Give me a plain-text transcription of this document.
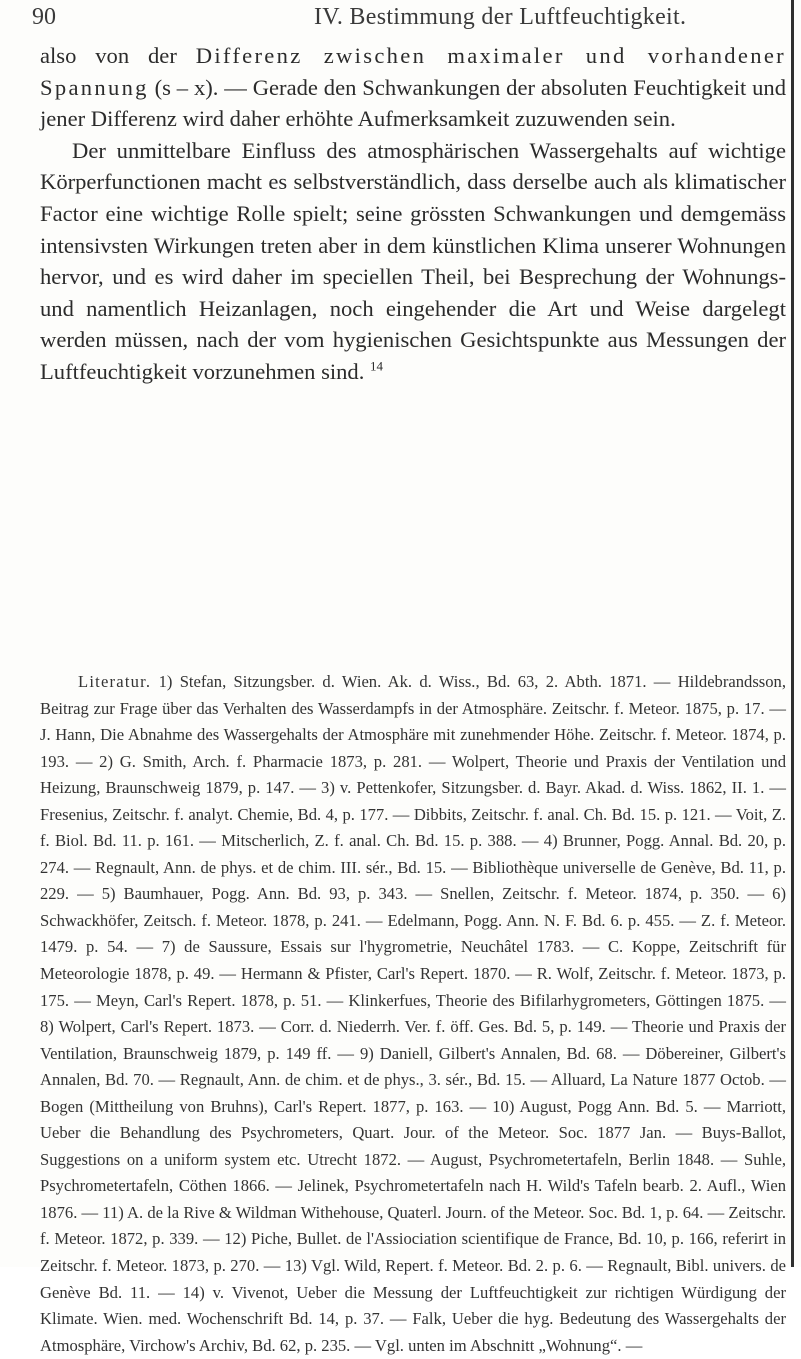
90	IV. Bestimmung der Luftfeuchtigkeit.

also von der Differenz zwischen maximaler und vorhandener Spannung (s – x). — Gerade den Schwankungen der absoluten Feuchtigkeit und jener Differenz wird daher erhöhte Aufmerksamkeit zuzuwenden sein.

Der unmittelbare Einfluss des atmosphärischen Wassergehalts auf wichtige Körperfunctionen macht es selbstverständlich, dass derselbe auch als klimatischer Factor eine wichtige Rolle spielt; seine grössten Schwankungen und demgemäss intensivsten Wirkungen treten aber in dem künstlichen Klima unserer Wohnungen hervor, und es wird daher im speciellen Theil, bei Besprechung der Wohnungs- und namentlich Heizanlagen, noch eingehender die Art und Weise dargelegt werden müssen, nach der vom hygienischen Gesichtspunkte aus Messungen der Luftfeuchtigkeit vorzunehmen sind. $^{14}$

Literatur. 1) Stefan, Sitzungsber. d. Wien. Ak. d. Wiss., Bd. 63, 2. Abth. 1871. — Hildebrandsson, Beitrag zur Frage über das Verhalten des Wasserdampfs in der Atmosphäre. Zeitschr. f. Meteor. 1875, p. 17. — J. Hann, Die Abnahme des Wassergehalts der Atmosphäre mit zunehmender Höhe. Zeitschr. f. Meteor. 1874, p. 193. — 2) G. Smith, Arch. f. Pharmacie 1873, p. 281. — Wolpert, Theorie und Praxis der Ventilation und Heizung, Braunschweig 1879, p. 147. — 3) v. Pettenkofer, Sitzungsber. d. Bayr. Akad. d. Wiss. 1862, II. 1. — Fresenius, Zeitschr. f. analyt. Chemie, Bd. 4, p. 177. — Dibbits, Zeitschr. f. anal. Ch. Bd. 15. p. 121. — Voit, Z. f. Biol. Bd. 11. p. 161. — Mitscherlich, Z. f. anal. Ch. Bd. 15. p. 388. — 4) Brunner, Pogg. Annal. Bd. 20, p. 274. — Regnault, Ann. de phys. et de chim. III. sér., Bd. 15. — Bibliothèque universelle de Genève, Bd. 11, p. 229. — 5) Baumhauer, Pogg. Ann. Bd. 93, p. 343. — Snellen, Zeitschr. f. Meteor. 1874, p. 350. — 6) Schwackhöfer, Zeitsch. f. Meteor. 1878, p. 241. — Edelmann, Pogg. Ann. N. F. Bd. 6. p. 455. — Z. f. Meteor. 1479. p. 54. — 7) de Saussure, Essais sur l'hygrometrie, Neuchâtel 1783. — C. Koppe, Zeitschrift für Meteorologie 1878, p. 49. — Hermann & Pfister, Carl's Repert. 1870. — R. Wolf, Zeitschr. f. Meteor. 1873, p. 175. — Meyn, Carl's Repert. 1878, p. 51. — Klinkerfues, Theorie des Bifilarhygrometers, Göttingen 1875. — 8) Wolpert, Carl's Repert. 1873. — Corr. d. Niederrh. Ver. f. öff. Ges. Bd. 5, p. 149. — Theorie und Praxis der Ventilation, Braunschweig 1879, p. 149 ff. — 9) Daniell, Gilbert's Annalen, Bd. 68. — Döbereiner, Gilbert's Annalen, Bd. 70. — Regnault, Ann. de chim. et de phys., 3. sér., Bd. 15. — Alluard, La Nature 1877 Octob. — Bogen (Mittheilung von Bruhns), Carl's Repert. 1877, p. 163. — 10) August, Pogg Ann. Bd. 5. — Marriott, Ueber die Behandlung des Psychrometers, Quart. Jour. of the Meteor. Soc. 1877 Jan. — Buys-Ballot, Suggestions on a uniform system etc. Utrecht 1872. — August, Psychrometertafeln, Berlin 1848. — Suhle, Psychrometertafeln, Cöthen 1866. — Jelinek, Psychrometertafeln nach H. Wild's Tafeln bearb. 2. Aufl., Wien 1876. — 11) A. de la Rive & Wildman Withehouse, Quaterl. Journ. of the Meteor. Soc. Bd. 1, p. 64. — Zeitschr. f. Meteor. 1872, p. 339. — 12) Piche, Bullet. de l'Assiociation scientifique de France, Bd. 10, p. 166, referirt in Zeitschr. f. Meteor. 1873, p. 270. — 13) Vgl. Wild, Repert. f. Meteor. Bd. 2. p. 6. — Regnault, Bibl. univers. de Genève Bd. 11. — 14) v. Vivenot, Ueber die Messung der Luftfeuchtigkeit zur richtigen Würdigung der Klimate. Wien. med. Wochenschrift Bd. 14, p. 37. — Falk, Ueber die hyg. Bedeutung des Wassergehalts der Atmosphäre, Virchow's Archiv, Bd. 62, p. 235. — Vgl. unten im Abschnitt „Wohnung“. —
